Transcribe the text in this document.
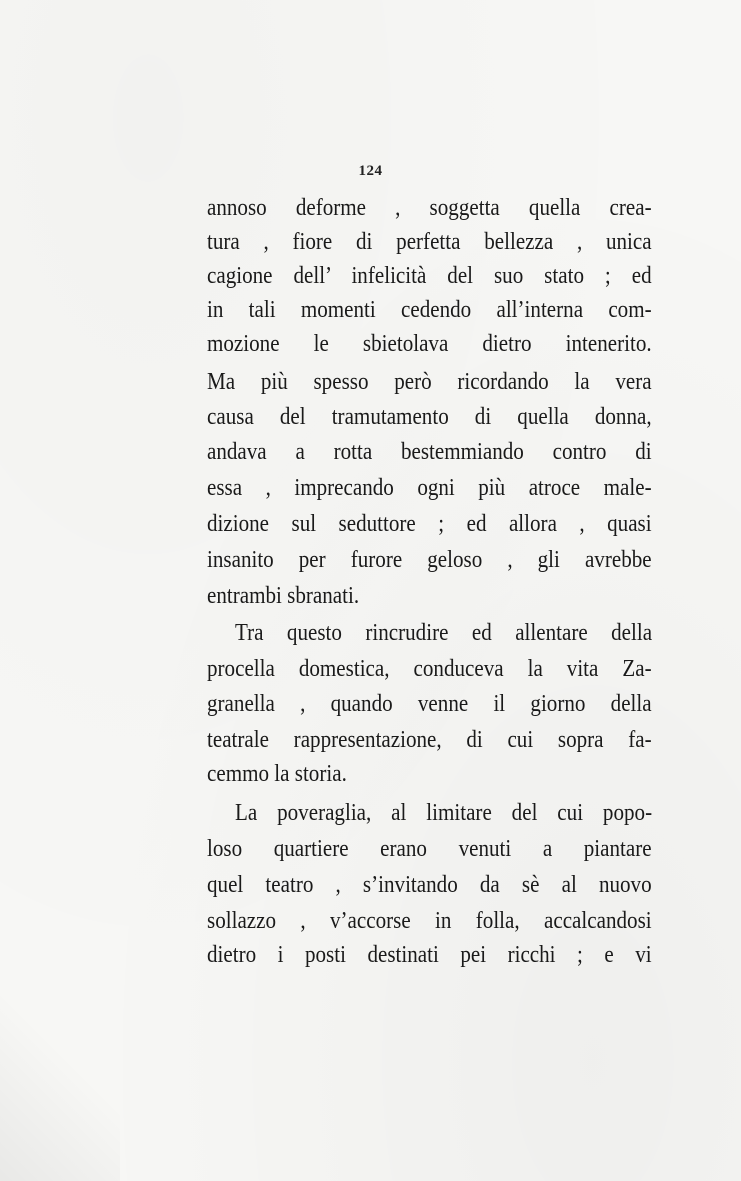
124
annoso deforme , soggetta quella crea-
tura , fiore di perfetta bellezza , unica
cagione dell’ infelicità del suo stato ; ed
in tali momenti cedendo all’interna com-
mozione le sbietolava dietro intenerito.
Ma più spesso però ricordando la vera
causa del tramutamento di quella donna,
andava a rotta bestemmiando contro di
essa , imprecando ogni più atroce male-
dizione sul seduttore ; ed allora , quasi
insanito per furore geloso , gli avrebbe
entrambi sbranati.
Tra questo rincrudire ed allentare della
procella domestica, conduceva la vita Za-
granella , quando venne il giorno della
teatrale rappresentazione, di cui sopra fa-
cemmo la storia.
La poveraglia, al limitare del cui popo-
loso quartiere erano venuti a piantare
quel teatro , s’invitando da sè al nuovo
sollazzo , v’accorse in folla, accalcandosi
dietro i posti destinati pei ricchi ; e vi
